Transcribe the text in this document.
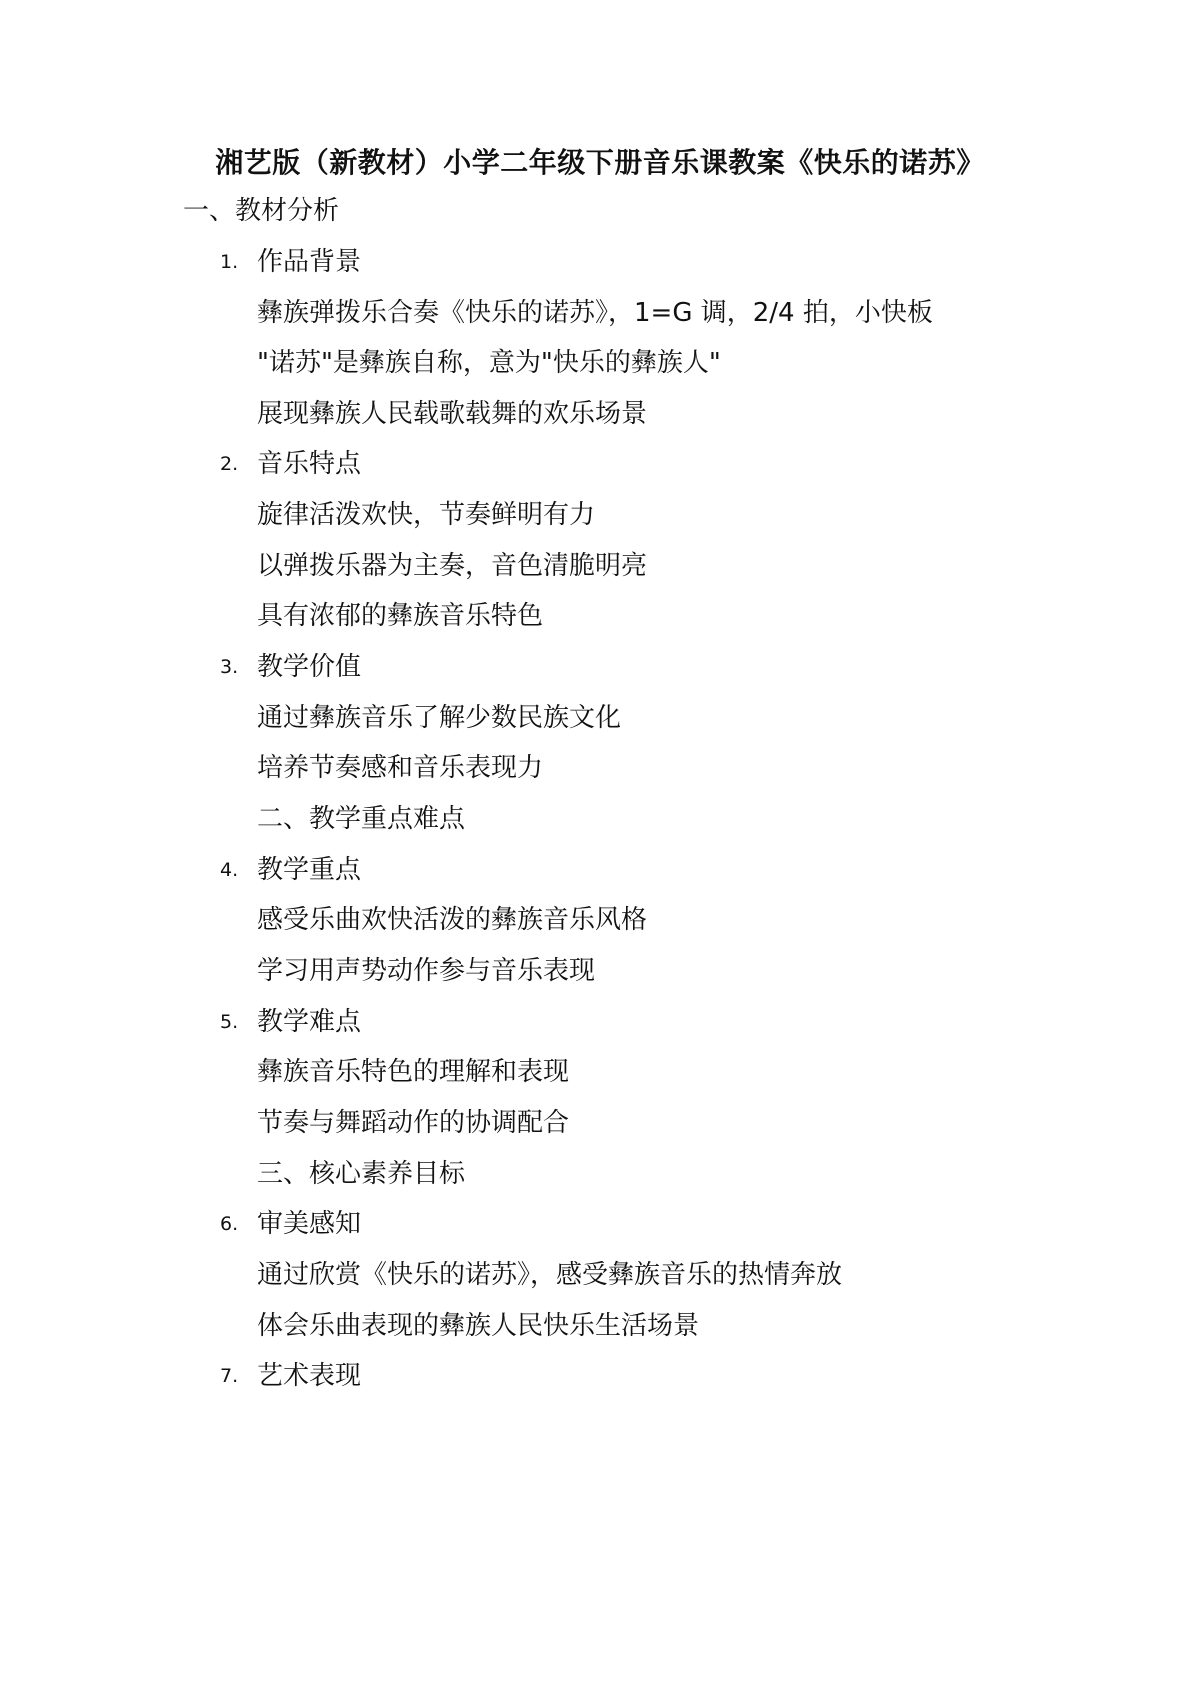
湘艺版（新教材）小学二年级下册音乐课教案《快乐的诺苏》
一、教材分析
1. 作品背景
彝族弹拨乐合奏《快乐的诺苏》，1=G 调，2/4 拍，小快板
"诺苏"是彝族自称，意为"快乐的彝族人"
展现彝族人民载歌载舞的欢乐场景
2. 音乐特点
旋律活泼欢快，节奏鲜明有力
以弹拨乐器为主奏，音色清脆明亮
具有浓郁的彝族音乐特色
3. 教学价值
通过彝族音乐了解少数民族文化
培养节奏感和音乐表现力
二、教学重点难点
4. 教学重点
感受乐曲欢快活泼的彝族音乐风格
学习用声势动作参与音乐表现
5. 教学难点
彝族音乐特色的理解和表现
节奏与舞蹈动作的协调配合
三、核心素养目标
6. 审美感知
通过欣赏《快乐的诺苏》，感受彝族音乐的热情奔放
体会乐曲表现的彝族人民快乐生活场景
7. 艺术表现
